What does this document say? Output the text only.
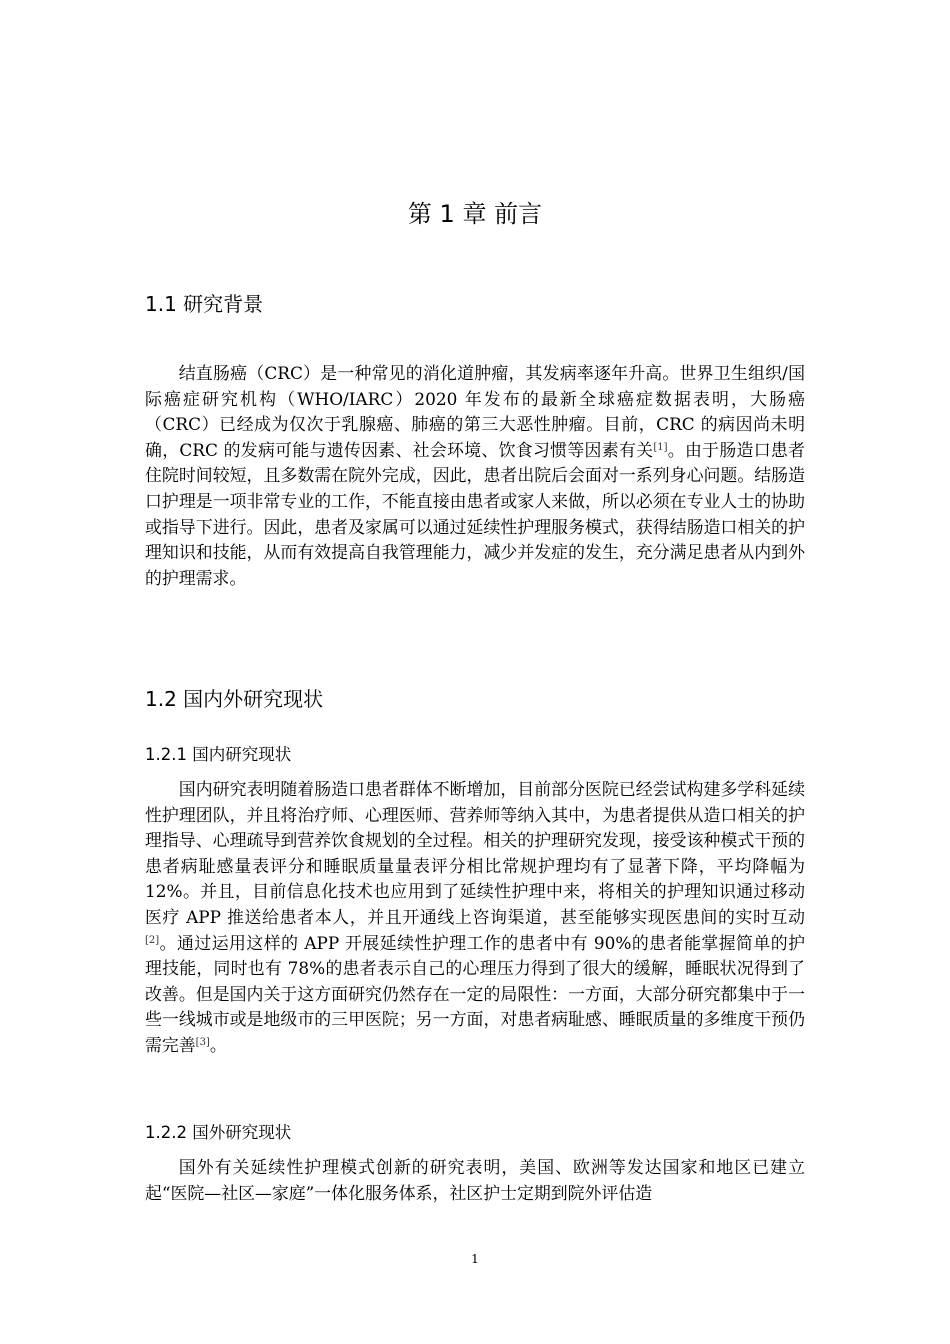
第 1 章 前言
1.1 研究背景

结直肠癌（CRC）是一种常见的消化道肿瘤，其发病率逐年升高。世界卫生组织/国际癌症研究机构（WHO/IARC）2020 年发布的最新全球癌症数据表明，大肠癌（CRC）已经成为仅次于乳腺癌、肺癌的第三大恶性肿瘤。目前，CRC 的病因尚未明确，CRC 的发病可能与遗传因素、社会环境、饮食习惯等因素有关[1]。由于肠造口患者住院时间较短，且多数需在院外完成，因此，患者出院后会面对一系列身心问题。结肠造口护理是一项非常专业的工作，不能直接由患者或家人来做，所以必须在专业人士的协助或指导下进行。因此，患者及家属可以通过延续性护理服务模式，获得结肠造口相关的护理知识和技能，从而有效提高自我管理能力，减少并发症的发生，充分满足患者从内到外的护理需求。

1.2 国内外研究现状
1.2.1 国内研究现状

国内研究表明随着肠造口患者群体不断增加，目前部分医院已经尝试构建多学科延续性护理团队，并且将治疗师、心理医师、营养师等纳入其中，为患者提供从造口相关的护理指导、心理疏导到营养饮食规划的全过程。相关的护理研究发现，接受该种模式干预的患者病耻感量表评分和睡眠质量量表评分相比常规护理均有了显著下降，平均降幅为 12%。并且，目前信息化技术也应用到了延续性护理中来，将相关的护理知识通过移动医疗 APP 推送给患者本人，并且开通线上咨询渠道，甚至能够实现医患间的实时互动[2]。通过运用这样的 APP 开展延续性护理工作的患者中有 90%的患者能掌握简单的护理技能，同时也有 78%的患者表示自己的心理压力得到了很大的缓解，睡眠状况得到了改善。但是国内关于这方面研究仍然存在一定的局限性：一方面，大部分研究都集中于一些一线城市或是地级市的三甲医院；另一方面，对患者病耻感、睡眠质量的多维度干预仍需完善[3]。

1.2.2 国外研究现状

国外有关延续性护理模式创新的研究表明，美国、欧洲等发达国家和地区已建立起“医院—社区—家庭”一体化服务体系，社区护士定期到院外评估造

1
